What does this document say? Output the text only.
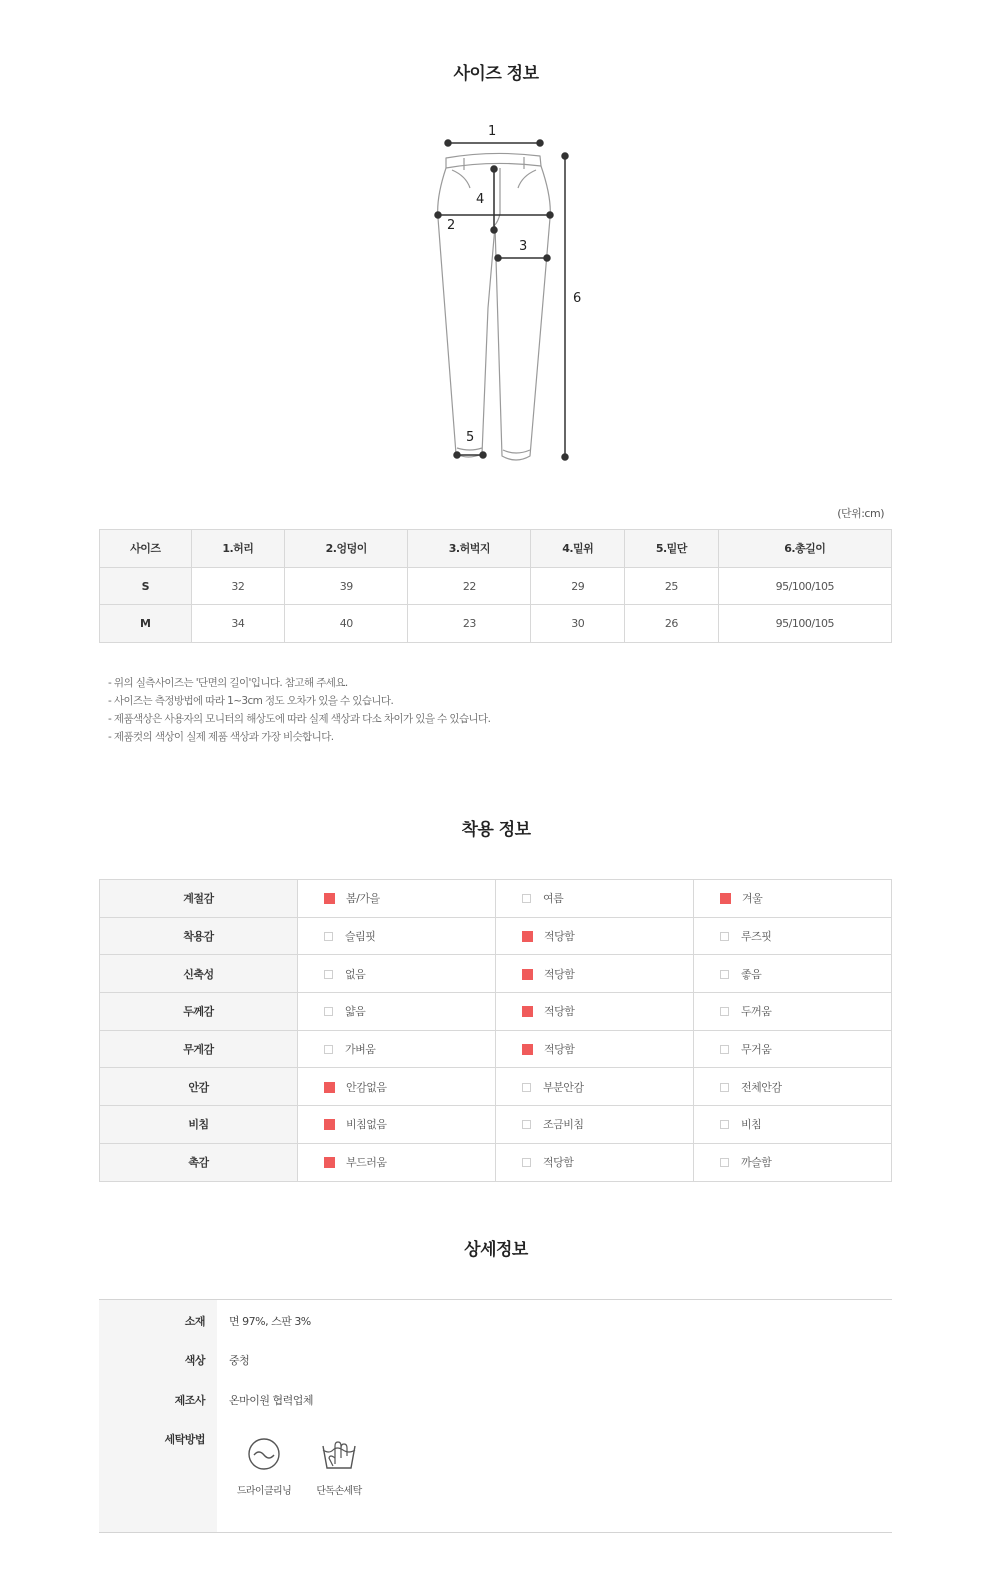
사이즈 정보
1
2
3
4
5
6
(단위:cm)
사이즈	1.허리	2.엉덩이	3.허벅지	4.밑위	5.밑단	6.총길이
S	32	39	22	29	25	95/100/105
M	34	40	23	30	26	95/100/105
- 위의 실측사이즈는 '단면의 길이'입니다. 참고해 주세요.
- 사이즈는 측정방법에 따라 1~3cm 정도 오차가 있을 수 있습니다.
- 제품색상은 사용자의 모니터의 해상도에 따라 실제 색상과 다소 차이가 있을 수 있습니다.
- 제품컷의 색상이 실제 제품 색상과 가장 비슷합니다.
착용 정보
계절감	봄/가을	여름	겨울
착용감	슬림핏	적당함	루즈핏
신축성	없음	적당함	좋음
두께감	얇음	적당함	두꺼움
무게감	가벼움	적당함	무거움
안감	안감없음	부분안감	전체안감
비침	비침없음	조금비침	비침
촉감	부드러움	적당함	까슬함
상세정보
소재 면 97%, 스판 3%
색상 중청
제조사 온마이원 협력업체
세탁방법
드라이클리닝	단독손세탁
